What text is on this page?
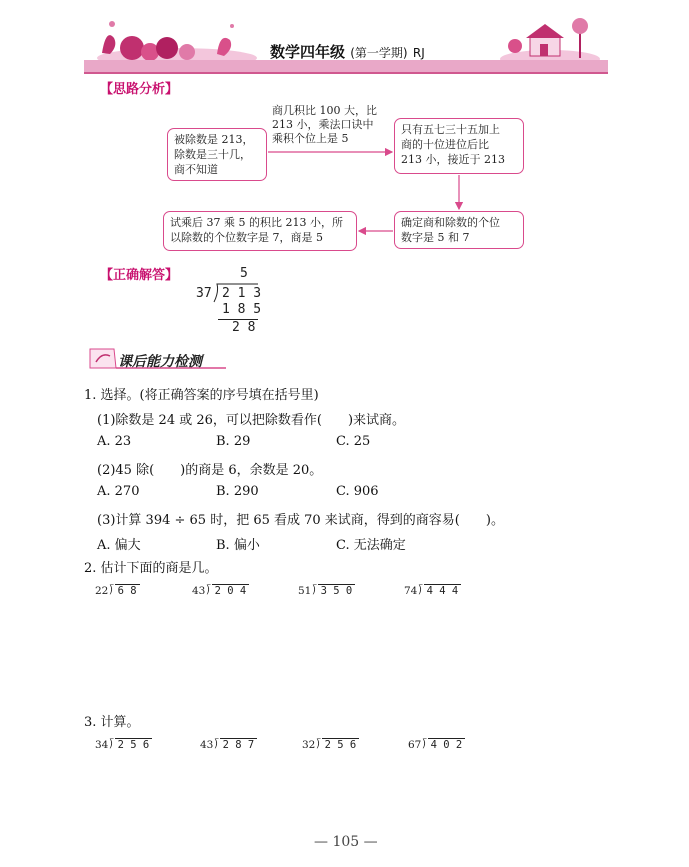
数学四年级 (第一学期) RJ
【思路分析】
被除数是 213，
除数是三十几，
商不知道
商几积比 100 大，比
213 小，乘法口诀中
乘积个位上是 5
只有五七三十五加上
商的十位进位后比
213 小，接近于 213
确定商和除数的个位
数字是 5 和 7
试乘后 37 乘 5 的积比 213 小，所
以除数的个位数字是 7，商是 5
【正确解答】	5
37 2 1 3
1 8 5
2 8
课后能力检测
1. 选择。(将正确答案的序号填在括号里)
(1)除数是 24 或 26，可以把除数看作(　　)来试商。
A. 23	B. 29	C. 25
(2)45 除(　　)的商是 6，余数是 20。
A. 270	B. 290	C. 906
(3)计算 394 ÷ 65 时，把 65 看成 70 来试商，得到的商容易(　　)。
A. 偏大	B. 偏小	C. 无法确定
2. 估计下面的商是几。
22⟌ 6 8	43⟌ 2 0 4	51⟌ 3 5 0	74⟌ 4 4 4
3. 计算。
34⟌ 2 5 6	43⟌ 2 8 7	32⟌ 2 5 6	67⟌ 4 0 2
— 105 —
